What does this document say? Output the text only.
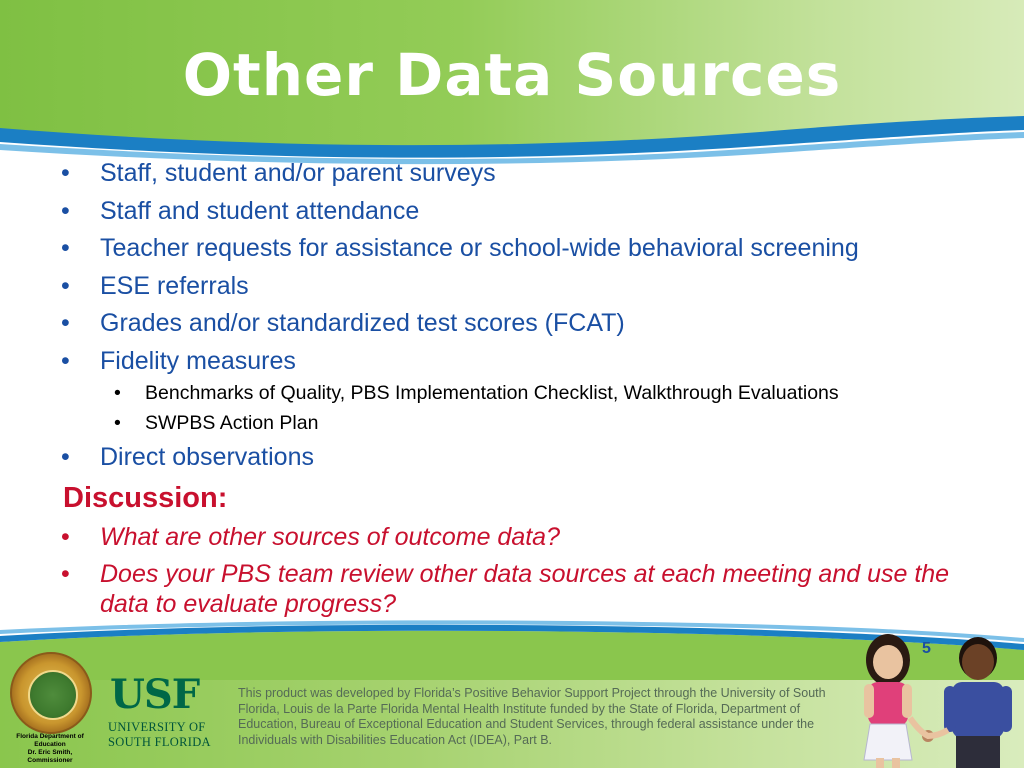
Other Data Sources
• Staff, student and/or parent surveys
• Staff and student attendance
• Teacher requests for assistance or school-wide behavioral screening
• ESE referrals
• Grades and/or standardized test scores (FCAT)
• Fidelity measures
• Benchmarks of Quality, PBS Implementation Checklist, Walkthrough Evaluations
• SWPBS Action Plan
• Direct observations
Discussion:
• What are other sources of outcome data?
• Does your PBS team review other data sources at each meeting and use the data to evaluate progress?
5
Florida Department of Education
Dr. Eric Smith, Commissioner
USF
UNIVERSITY OF
SOUTH FLORIDA
This product was developed by Florida’s Positive Behavior Support Project through the University of South Florida, Louis de la Parte Florida Mental Health Institute funded by the State of Florida, Department of Education, Bureau of Exceptional Education and Student Services, through federal assistance under the Individuals with Disabilities Education Act (IDEA), Part B.
